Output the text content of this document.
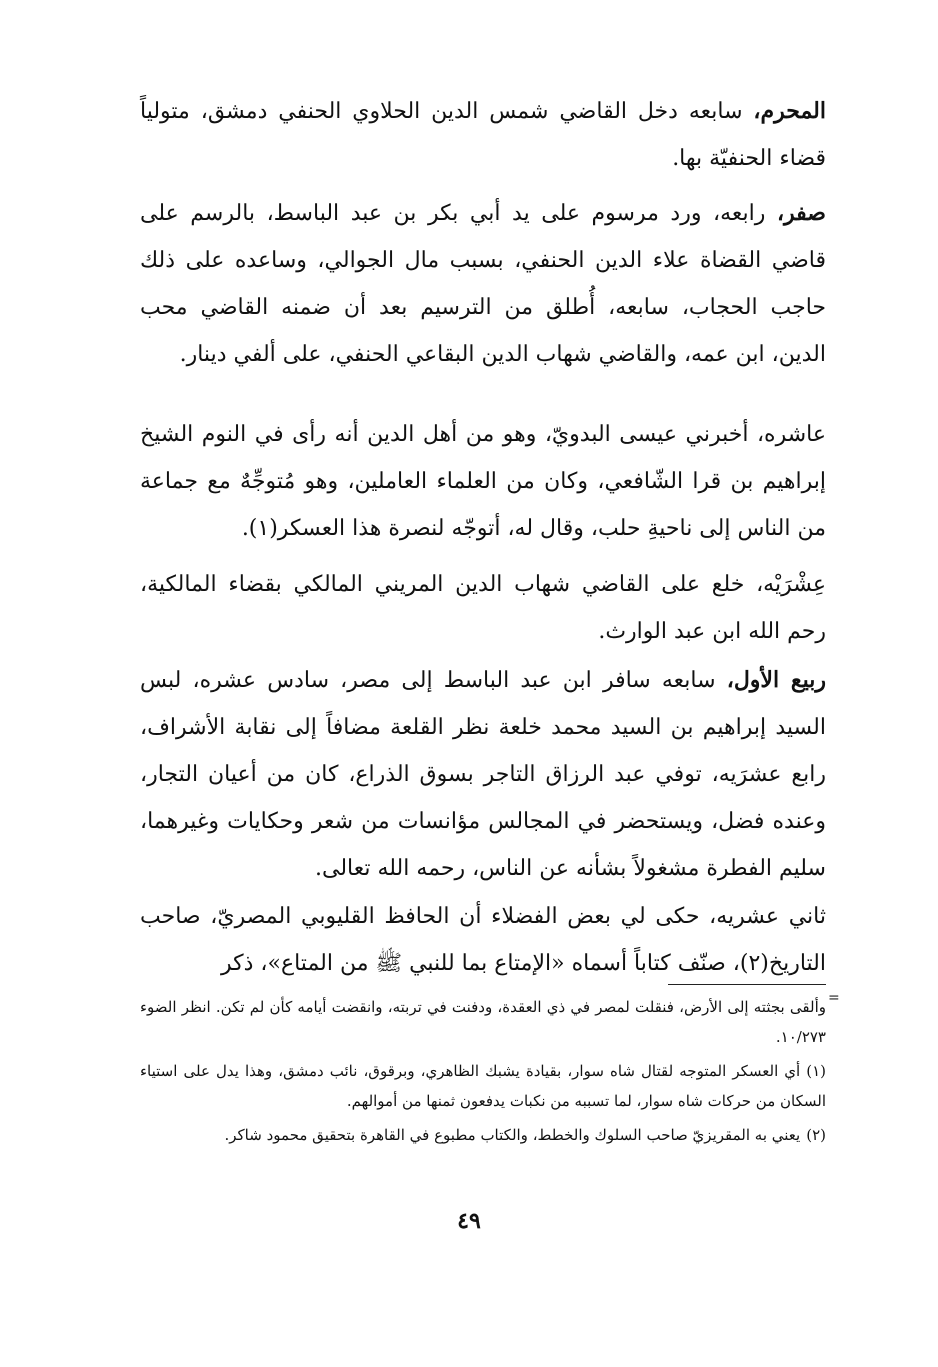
المحرم، سابعه دخل القاضي شمس الدين الحلاوي الحنفي دمشق، متولياً قضاء الحنفيّة بها.

صفر، رابعه، ورد مرسوم على يد أبي بكر بن عبد الباسط، بالرسم على قاضي القضاة علاء الدين الحنفي، بسبب مال الجوالي، وساعده على ذلك حاجب الحجاب، سابعه، أُطلق من الترسيم بعد أن ضمنه القاضي محب الدين، ابن عمه، والقاضي شهاب الدين البقاعي الحنفي، على ألفي دينار.

عاشره، أخبرني عيسى البدويّ، وهو من أهل الدين أنه رأى في النوم الشيخ إبراهيم بن قرا الشّافعي، وكان من العلماء العاملين، وهو مُتوجِّهٌ مع جماعة من الناس إلى ناحيةِ حلب، وقال له، أتوجّه لنصرة هذا العسكر(١).

عِشْرَيْه، خلع على القاضي شهاب الدين المريني المالكي بقضاء المالكية، رحم الله ابن عبد الوارث.

ربيع الأول، سابعه سافر ابن عبد الباسط إلى مصر، سادس عشره، لبس السيد إبراهيم بن السيد محمد خلعة نظر القلعة مضافاً إلى نقابة الأشراف، رابع عشرَيه، توفي عبد الرزاق التاجر بسوق الذراع، كان من أعيان التجار، وعنده فضل، ويستحضر في المجالس مؤانسات من شعر وحكايات وغيرهما، سليم الفطرة مشغولاً بشأنه عن الناس، رحمه الله تعالى.

ثاني عشريه، حكى لي بعض الفضلاء أن الحافظ القليوبي المصريّ، صاحب التاريخ(٢)، صنّف كتاباً أسماه «الإمتاع بما للنبي ﷺ من المتاع»، ذكر

=

وألقى بجثته إلى الأرض، فنقلت لمصر في ذي العقدة، ودفنت في تربته، وانقضت أيامه كأن لم تكن. انظر الضوء ١٠/٢٧٣.

(١)أي العسكر المتوجه لقتال شاه سوار، بقيادة يشبك الظاهري، وبرقوق، نائب دمشق، وهذا يدل على استياء السكان من حركات شاه سوار، لما تسببه من نكبات يدفعون ثمنها من أموالهم.

(٢)يعني به المقريزيّ صاحب السلوك والخطط، والكتاب مطبوع في القاهرة بتحقيق محمود شاكر.

٤٩
